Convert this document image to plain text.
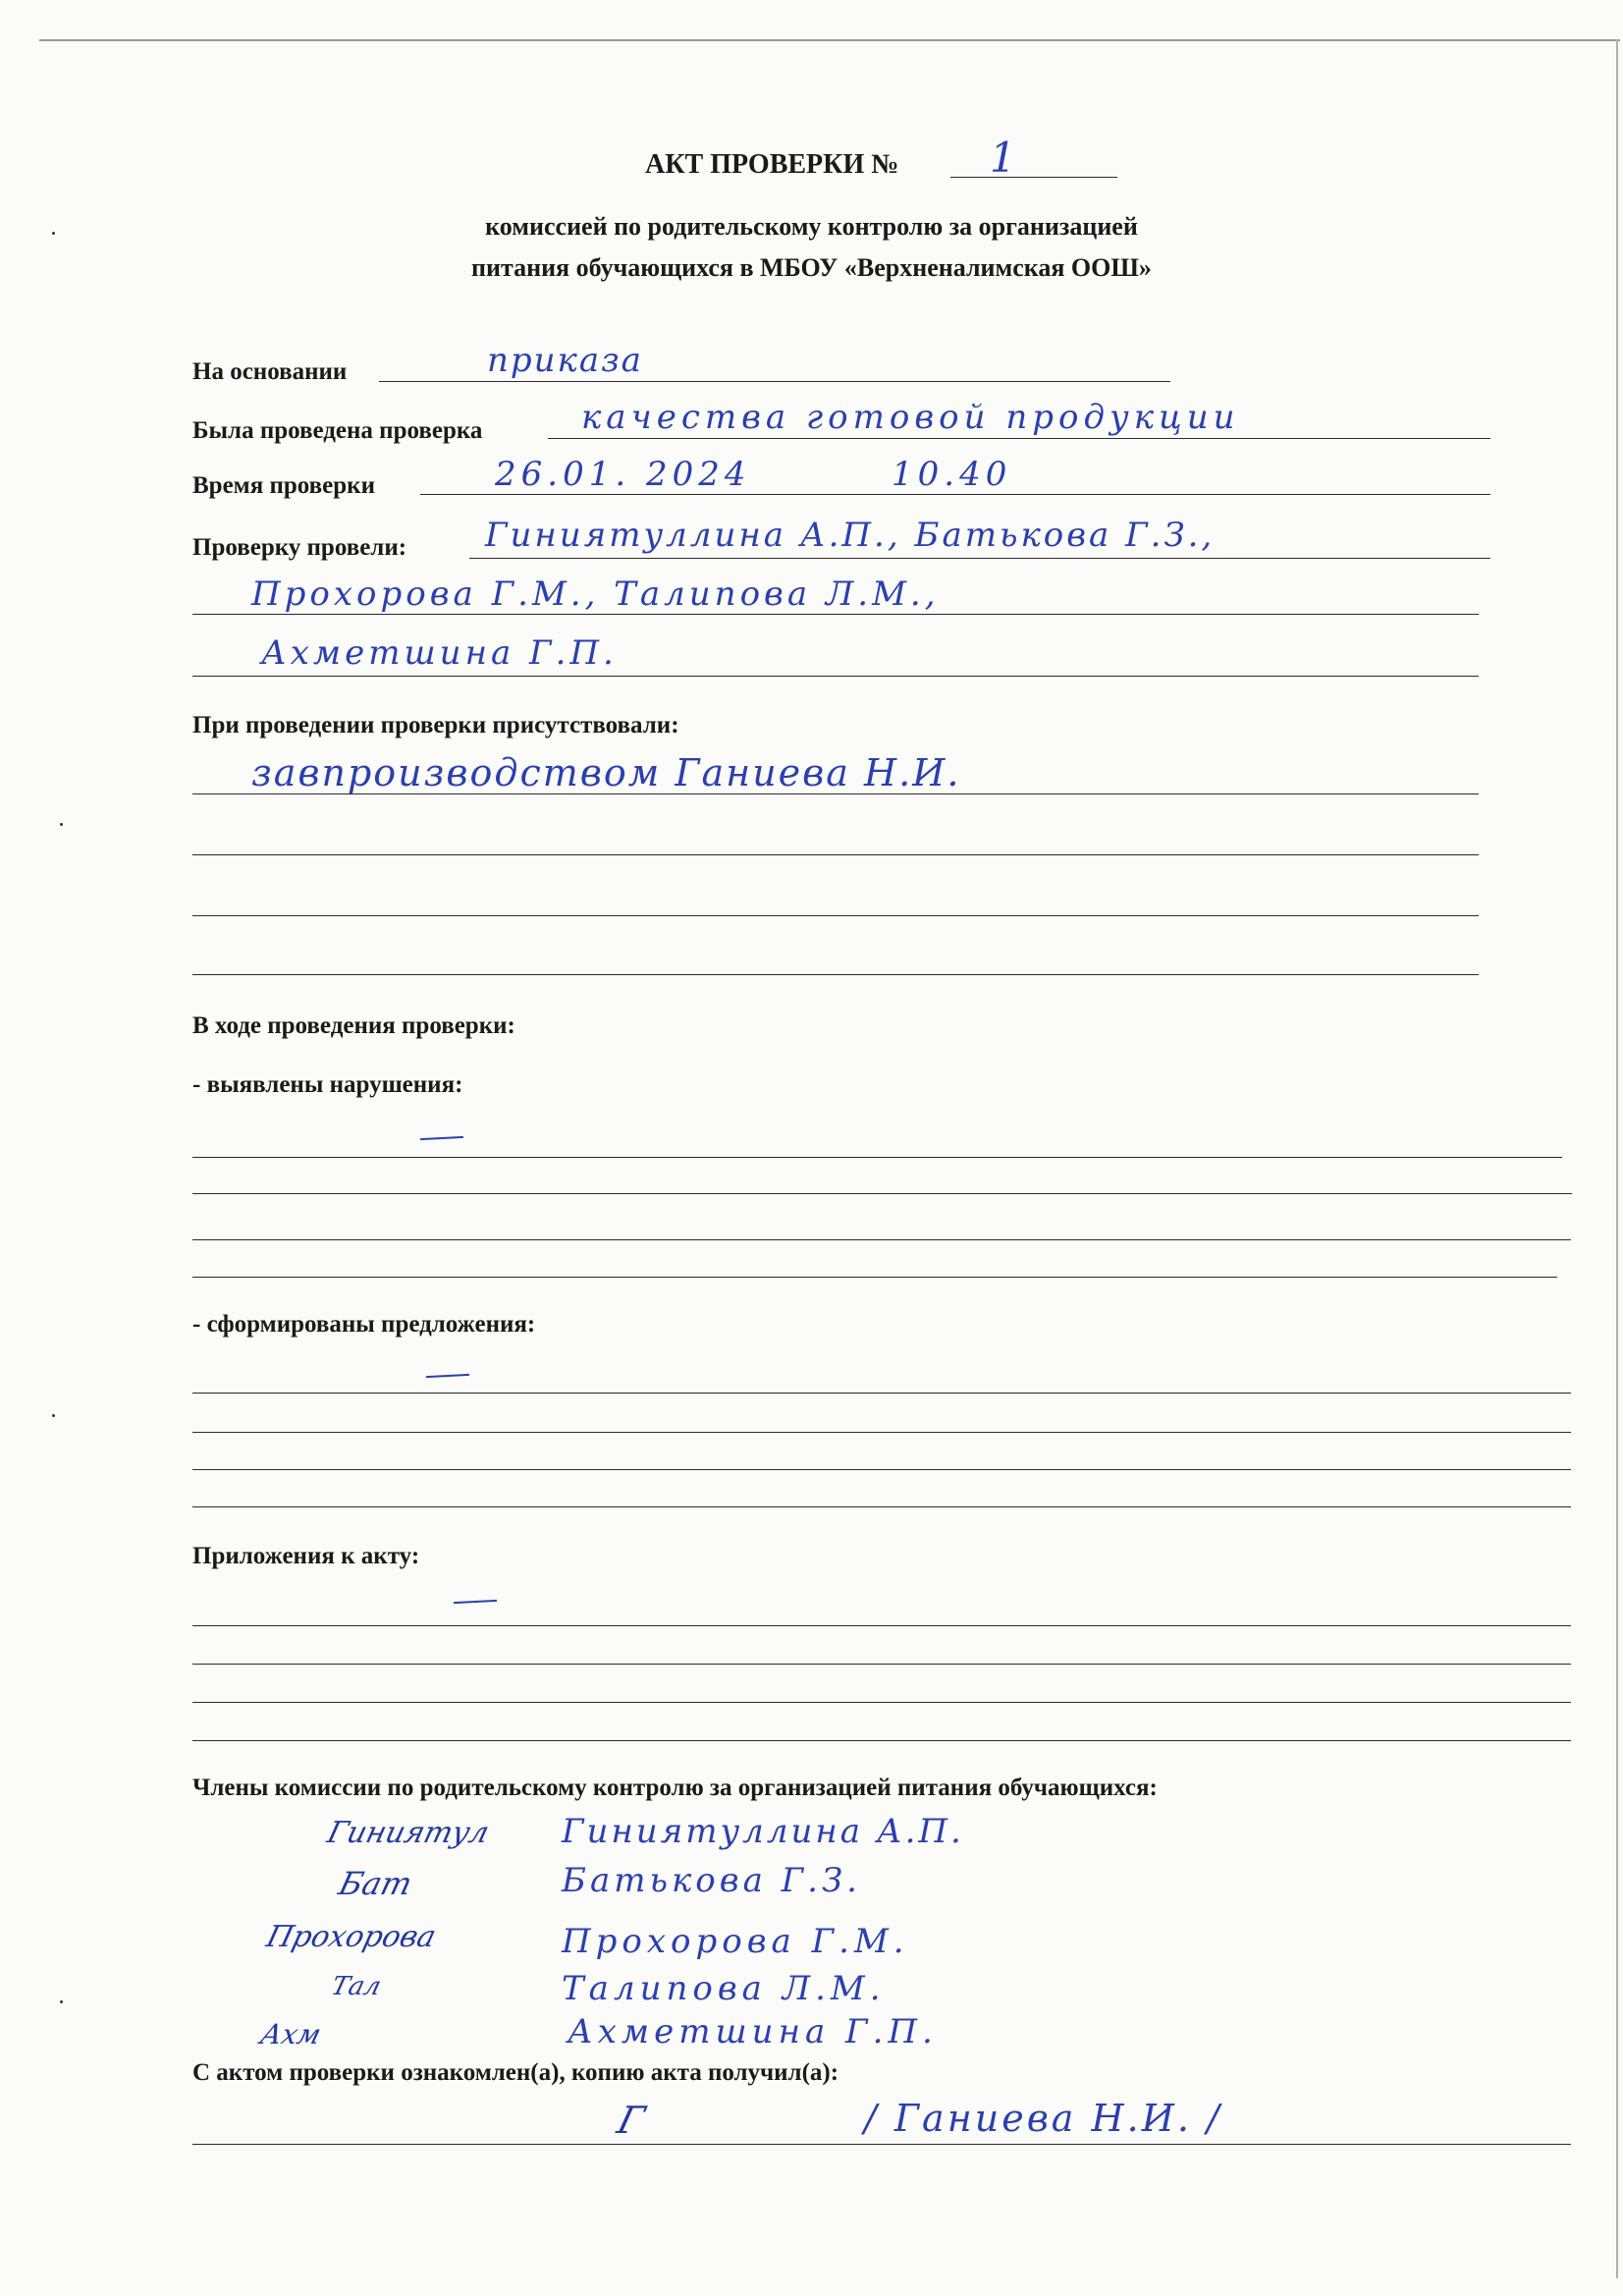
АКТ ПРОВЕРКИ № 1
комиссией по родительскому контролю за организацией
питания обучающихся в МБОУ «Верхненалимская ООШ»
На основании	приказа
Была проведена проверка	качества готовой продукции
Время проверки	26.01. 2024	10.40
Проверку провели: Гиниятуллина А.П., Батькова Г.З.,
Прохорова Г.М., Талипова Л.М.,
Ахметшина Г.П.
При проведении проверки присутствовали:
завпроизводством Ганиева Н.И.
В ходе проведения проверки:
- выявлены нарушения:
- сформированы предложения:
Приложения к акту:
Члены комиссии по родительскому контролю за организацией питания обучающихся:
Гиниятул Гиниятуллина А.П.
Бат	Батькова Г.З.
Прохорова	Прохорова Г.М.
Тал	Талипова Л.М.
Ахм	Ахметшина Г.П.
С актом проверки ознакомлен(а), копию акта получил(а):
Г	/ Ганиева Н.И. /
